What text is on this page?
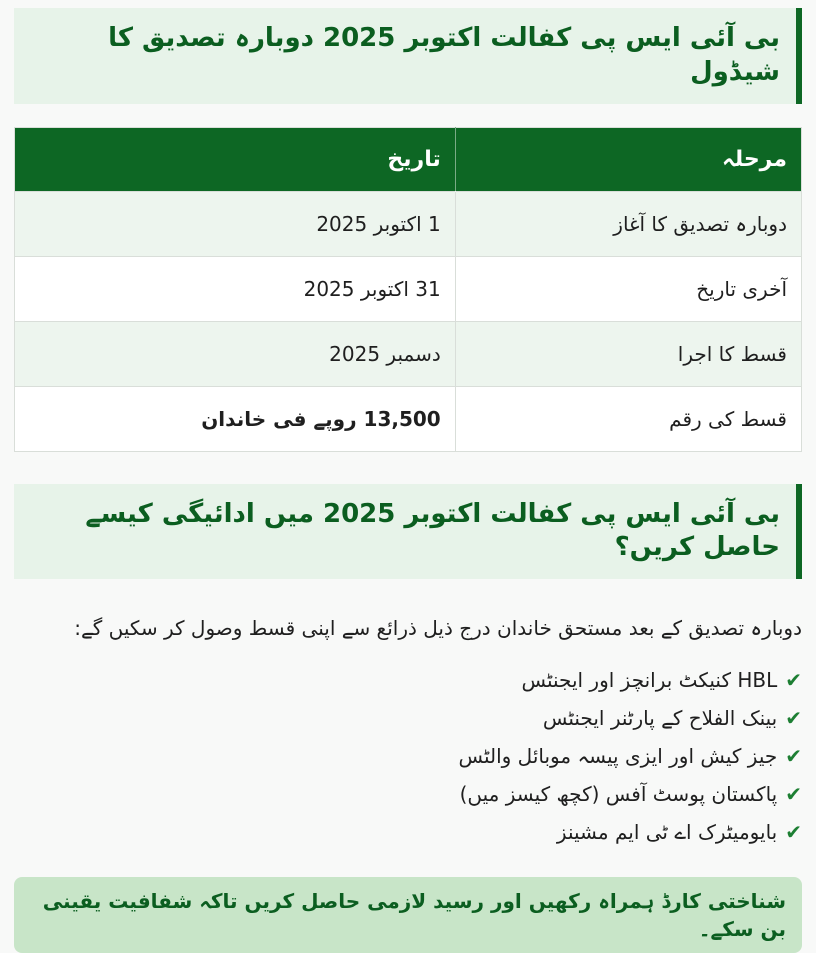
بی آئی ایس پی کفالت اکتوبر 2025 دوبارہ تصدیق کا شیڈول
مرحلہ	تاریخ
دوبارہ تصدیق کا آغاز	1 اکتوبر 2025
آخری تاریخ	31 اکتوبر 2025
قسط کا اجرا	دسمبر 2025
قسط کی رقم	13,500 روپے فی خاندان
بی آئی ایس پی کفالت اکتوبر 2025 میں ادائیگی کیسے حاصل کریں؟

دوبارہ تصدیق کے بعد مستحق خاندان درج ذیل ذرائع سے اپنی قسط وصول کر سکیں گے:

✔HBL کنیکٹ برانچز اور ایجنٹس
✔بینک الفلاح کے پارٹنر ایجنٹس
✔جیز کیش اور ایزی پیسہ موبائل والٹس
✔پاکستان پوسٹ آفس (کچھ کیسز میں)
✔بایومیٹرک اے ٹی ایم مشینز
شناختی کارڈ ہمراہ رکھیں اور رسید لازمی حاصل کریں تاکہ شفافیت یقینی بن سکے۔
